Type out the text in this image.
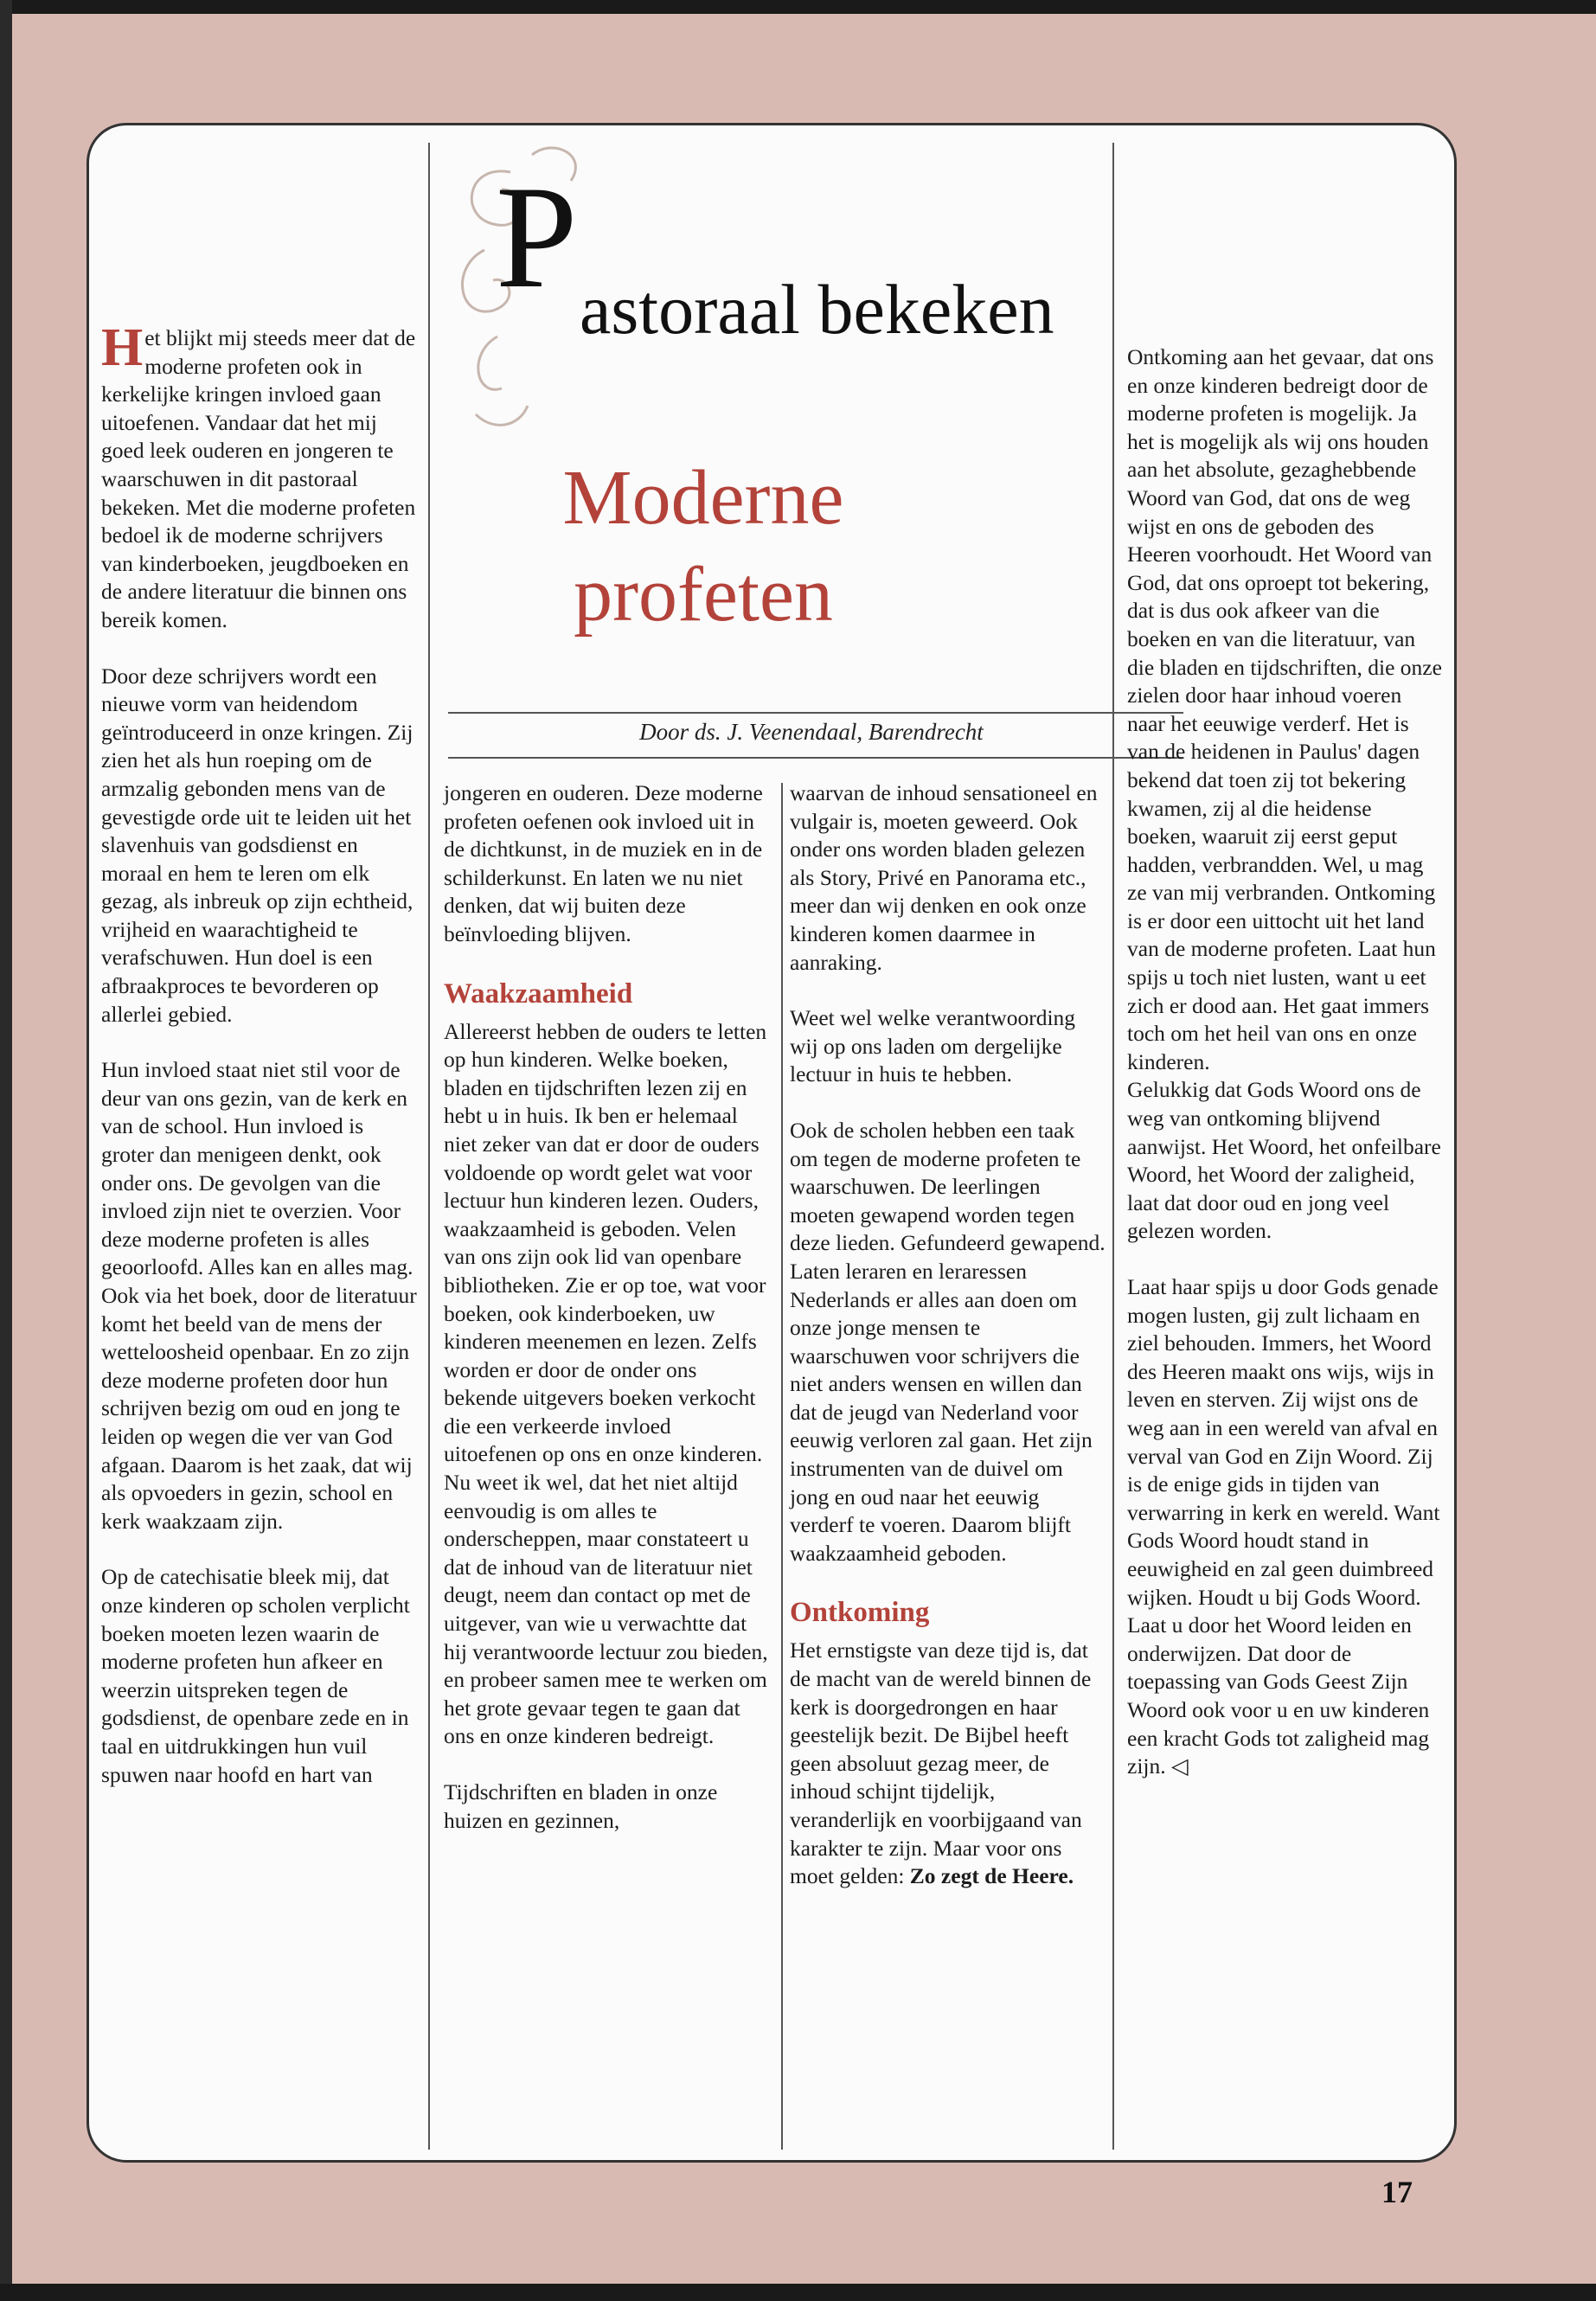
P astoraal bekeken
Moderne
profeten
Door ds. J. Veenendaal, Barendrecht

Het blijkt mij steeds meer dat de moderne profeten ook in kerkelijke kringen invloed gaan uitoefenen. Vandaar dat het mij goed leek ouderen en jongeren te waarschuwen in dit pastoraal bekeken. Met die moderne profeten bedoel ik de moderne schrijvers van kinderboeken, jeugdboeken en de andere literatuur die binnen ons bereik komen.

Door deze schrijvers wordt een nieuwe vorm van heidendom geïntroduceerd in onze kringen. Zij zien het als hun roeping om de armzalig gebonden mens van de gevestigde orde uit te leiden uit het slavenhuis van godsdienst en moraal en hem te leren om elk gezag, als inbreuk op zijn echtheid, vrijheid en waarachtigheid te verafschuwen. Hun doel is een afbraakproces te bevorderen op allerlei gebied.

Hun invloed staat niet stil voor de deur van ons gezin, van de kerk en van de school. Hun invloed is groter dan menigeen denkt, ook onder ons. De gevolgen van die invloed zijn niet te overzien. Voor deze moderne profeten is alles geoorloofd. Alles kan en alles mag. Ook via het boek, door de literatuur komt het beeld van de mens der wetteloosheid openbaar. En zo zijn deze moderne profeten door hun schrijven bezig om oud en jong te leiden op wegen die ver van God afgaan. Daarom is het zaak, dat wij als opvoeders in gezin, school en kerk waakzaam zijn.

Op de catechisatie bleek mij, dat onze kinderen op scholen verplicht boeken moeten lezen waarin de moderne profeten hun afkeer en weerzin uitspreken tegen de godsdienst, de openbare zede en in taal en uitdrukkingen hun vuil spuwen naar hoofd en hart van

jongeren en ouderen. Deze moderne profeten oefenen ook invloed uit in de dichtkunst, in de muziek en in de schilderkunst. En laten we nu niet denken, dat wij buiten deze beïnvloeding blijven.

Waakzaamheid

Allereerst hebben de ouders te letten op hun kinderen. Welke boeken, bladen en tijdschriften lezen zij en hebt u in huis. Ik ben er helemaal niet zeker van dat er door de ouders voldoende op wordt gelet wat voor lectuur hun kinderen lezen. Ouders, waakzaamheid is geboden. Velen van ons zijn ook lid van openbare bibliotheken. Zie er op toe, wat voor boeken, ook kinderboeken, uw kinderen meenemen en lezen. Zelfs worden er door de onder ons bekende uitgevers boeken verkocht die een verkeerde invloed uitoefenen op ons en onze kinderen. Nu weet ik wel, dat het niet altijd eenvoudig is om alles te onderscheppen, maar constateert u dat de inhoud van de literatuur niet deugt, neem dan contact op met de uitgever, van wie u verwachtte dat hij verantwoorde lectuur zou bieden, en probeer samen mee te werken om het grote gevaar tegen te gaan dat ons en onze kinderen bedreigt.

Tijdschriften en bladen in onze huizen en gezinnen,

waarvan de inhoud sensationeel en vulgair is, moeten geweerd. Ook onder ons worden bladen gelezen als Story, Privé en Panorama etc., meer dan wij denken en ook onze kinderen komen daarmee in aanraking.

Weet wel welke verantwoording wij op ons laden om dergelijke lectuur in huis te hebben.

Ook de scholen hebben een taak om tegen de moderne profeten te waarschuwen. De leerlingen moeten gewapend worden tegen deze lieden. Gefundeerd gewapend. Laten leraren en leraressen Nederlands er alles aan doen om onze jonge mensen te waarschuwen voor schrijvers die niet anders wensen en willen dan dat de jeugd van Nederland voor eeuwig verloren zal gaan. Het zijn instrumenten van de duivel om jong en oud naar het eeuwig verderf te voeren. Daarom blijft waakzaamheid geboden.

Ontkoming

Het ernstigste van deze tijd is, dat de macht van de wereld binnen de kerk is doorgedrongen en haar geestelijk bezit. De Bijbel heeft geen absoluut gezag meer, de inhoud schijnt tijdelijk, veranderlijk en voorbijgaand van karakter te zijn. Maar voor ons moet gelden: Zo zegt de Heere.

Ontkoming aan het gevaar, dat ons en onze kinderen bedreigt door de moderne profeten is mogelijk. Ja het is mogelijk als wij ons houden aan het absolute, gezaghebbende Woord van God, dat ons de weg wijst en ons de geboden des Heeren voorhoudt. Het Woord van God, dat ons oproept tot bekering, dat is dus ook afkeer van die boeken en van die literatuur, van die bladen en tijdschriften, die onze zielen door haar inhoud voeren naar het eeuwige verderf. Het is van de heidenen in Paulus' dagen bekend dat toen zij tot bekering kwamen, zij al die heidense boeken, waaruit zij eerst geput hadden, verbrandden. Wel, u mag ze van mij verbranden. Ontkoming is er door een uittocht uit het land van de moderne profeten. Laat hun spijs u toch niet lusten, want u eet zich er dood aan. Het gaat immers toch om het heil van ons en onze kinderen.

Gelukkig dat Gods Woord ons de weg van ontkoming blijvend aanwijst. Het Woord, het onfeilbare Woord, het Woord der zaligheid, laat dat door oud en jong veel gelezen worden.

Laat haar spijs u door Gods genade mogen lusten, gij zult lichaam en ziel behouden. Immers, het Woord des Heeren maakt ons wijs, wijs in leven en sterven. Zij wijst ons de weg aan in een wereld van afval en verval van God en Zijn Woord. Zij is de enige gids in tijden van verwarring in kerk en wereld. Want Gods Woord houdt stand in eeuwigheid en zal geen duimbreed wijken. Houdt u bij Gods Woord. Laat u door het Woord leiden en onderwijzen. Dat door de toepassing van Gods Geest Zijn Woord ook voor u en uw kinderen een kracht Gods tot zaligheid mag zijn. ◁

17
